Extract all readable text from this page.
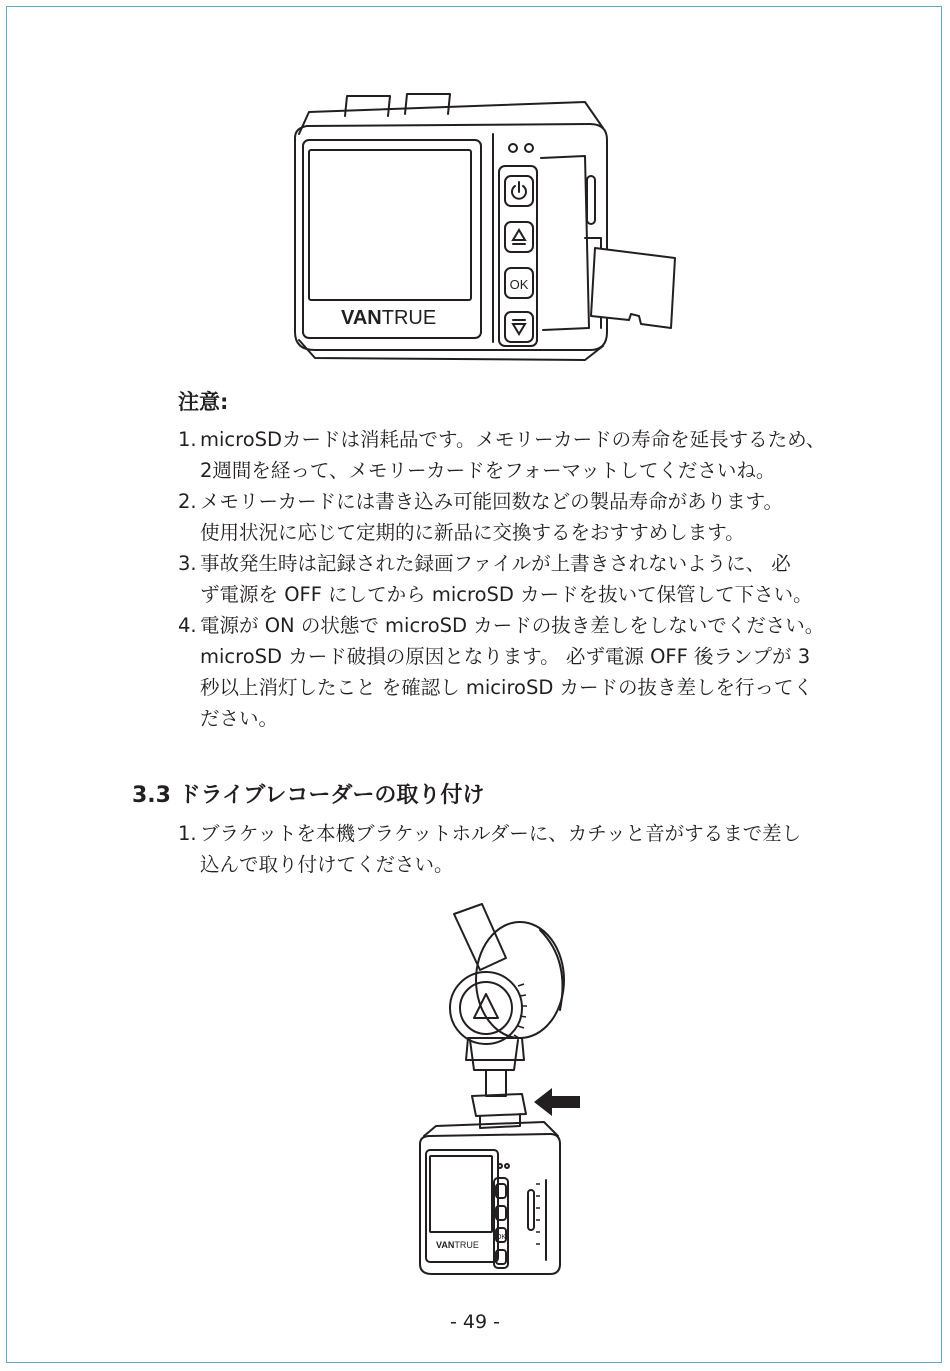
OK
VANTRUE
注意:
1. microSDカードは消耗品です。メモリーカードの寿命を延長するため、
2週間を経って、メモリーカードをフォーマットしてくださいね。
2. メモリーカードには書き込み可能回数などの製品寿命があります。
使用状況に応じて定期的に新品に交換するをおすすめします。
3. 事故発生時は記録された録画ファイルが上書きされないように、 必
ず電源を OFF にしてから microSD カードを抜いて保管して下さい。
4. 電源が ON の状態で microSD カードの抜き差しをしないでください。
microSD カード破損の原因となります。 必ず電源 OFF 後ランプが 3
秒以上消灯したこと を確認し miciroSD カードの抜き差しを行ってく
ださい。
3.3 ドライブレコーダーの取り付け
1. ブラケットを本機ブラケットホルダーに、カチッと音がするまで差し
込んで取り付けてください。
OK
VANTRUE
- 49 -
